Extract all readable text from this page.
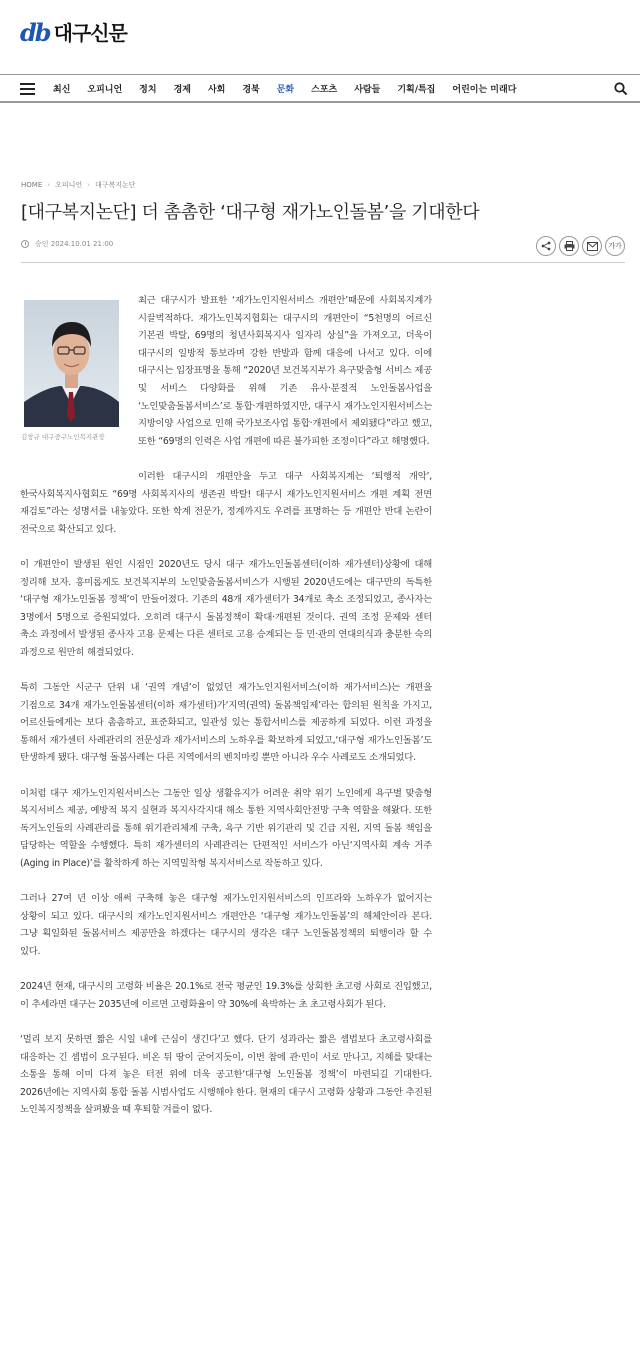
db 대구신문
최신 오피니언 정치 경제 사회 경북 문화 스포츠 사람들 기획/특집 어린이는 미래다
HOME › 오피니언 › 대구복지논단
[대구복지논단] 더 촘촘한 ‘대구형 재가노인돌봄’을 기대한다
승인 2024.10.01 21:00	가가
김창규 대구중구노인복지관장

최근 대구시가 발표한 ‘재가노인지원서비스 개편안’때문에 사회복지계가 시끌벅적하다. 재가노인복지협회는 대구시의 개편안이 “5천명의 어르신 기본권 박탈, 69명의 청년사회복지사 일자리 상실”을 가져오고, 더욱이 대구시의 일방적 통보라며 강한 반발과 함께 대응에 나서고 있다. 이에 대구시는 입장표명을 통해 “2020년 보건복지부가 욕구맞춤형 서비스 제공 및 서비스 다양화를 위해 기존 유사·분절적 노인돌봄사업을 ‘노인맞춤돌봄서비스’로 통합·개편하였지만, 대구시 재가노인지원서비스는 지방이양 사업으로 인해 국가보조사업 통합·개편에서 제외됐다”라고 했고, 또한 “69명의 인력은 사업 개편에 따른 불가피한 조정이다”라고 해명했다.

이러한 대구시의 개편안을 두고 대구 사회복지계는 ‘퇴행적 개악’, 한국사회복지사협회도 “69명 사회복지사의 생존권 박탈! 대구시 재가노인지원서비스 개편 계획 전면 재검토”라는 성명서를 내놓았다. 또한 학계 전문가, 정계까지도 우려를 표명하는 등 개편안 반대 논란이 전국으로 확산되고 있다.

이 개편안이 발생된 원인 시점인 2020년도 당시 대구 재가노인돌봄센터(이하 재가센터)상황에 대해 정리해 보자. 흥미롭게도 보건복지부의 노인맞춤돌봄서비스가 시행된 2020년도에는 대구만의 독특한 ‘대구형 재가노인돌봄 정책’이 만들어졌다. 기존의 48개 재가센터가 34개로 축소 조정되었고, 종사자는 3명에서 5명으로 증원되었다. 오히려 대구시 돌봄정책이 확대·개편된 것이다. 권역 조정 문제와 센터 축소 과정에서 발생된 종사자 고용 문제는 다른 센터로 고용 승계되는 등 민·관의 연대의식과 충분한 숙의 과정으로 원만히 해결되었다.

특히 그동안 시군구 단위 내 ‘권역 개념’이 없었던 재가노인지원서비스(이하 재가서비스)는 개편을 기점으로 34개 재가노인돌봄센터(이하 재가센터)가‘지역(권역) 돌봄책임제’라는 합의된 원칙을 가지고, 어르신들에게는 보다 촘촘하고, 표준화되고, 일관성 있는 통합서비스를 제공하게 되었다. 이런 과정을 통해서 재가센터 사례관리의 전문성과 재가서비스의 노하우를 확보하게 되었고,‘대구형 재가노인돌봄’도 탄생하게 됐다. 대구형 돌봄사례는 다른 지역에서의 벤치마킹 뿐만 아니라 우수 사례로도 소개되었다.

이처럼 대구 재가노인지원서비스는 그동안 일상 생활유지가 어려운 취약 위기 노인에게 욕구별 맞춤형 복지서비스 제공, 예방적 복지 실현과 복지사각지대 해소 통한 지역사회안전망 구축 역할을 해왔다. 또한 독거노인들의 사례관리를 통해 위기관리체계 구축, 욕구 기반 위기관리 및 긴급 지원, 지역 돌봄 책임을 담당하는 역할을 수행했다. 특히 재가센터의 사례관리는 단편적인 서비스가 아닌‘지역사회 계속 거주(Aging in Place)’를 활착하게 하는 지역밀착형 복지서비스로 작동하고 있다.

그러나 27여 년 이상 애써 구축해 놓은 대구형 재가노인지원서비스의 인프라와 노하우가 없어지는 상황이 되고 있다. 대구시의 재가노인지원서비스 개편안은 ‘대구형 재가노인돌봄’의 해체안이라 본다. 그냥 획일화된 돌봄서비스 제공만을 하겠다는 대구시의 생각은 대구 노인돌봄정책의 퇴행이라 할 수 있다.

2024년 현재, 대구시의 고령화 비율은 20.1%로 전국 평균인 19.3%를 상회한 초고령 사회로 진입했고, 이 추세라면 대구는 2035년에 이르면 고령화율이 약 30%에 육박하는 초 초고령사회가 된다.

‘멀리 보지 못하면 짧은 시일 내에 근심이 생긴다’고 했다. 단기 성과라는 짧은 셈법보다 초고령사회를 대응하는 긴 셈법이 요구된다. 비온 뒤 땅이 굳어지듯이, 이번 참에 관·민이 서로 만나고, 지혜를 맞대는 소통을 통해 이미 다져 놓은 터전 위에 더욱 공고한‘대구형 노인돌봄 정책’이 마련되길 기대한다. 2026년에는 지역사회 통합 돌봄 시범사업도 시행해야 한다. 현재의 대구시 고령화 상황과 그동안 추진된 노인복지정책을 살펴봤을 때 후퇴할 겨를이 없다.
